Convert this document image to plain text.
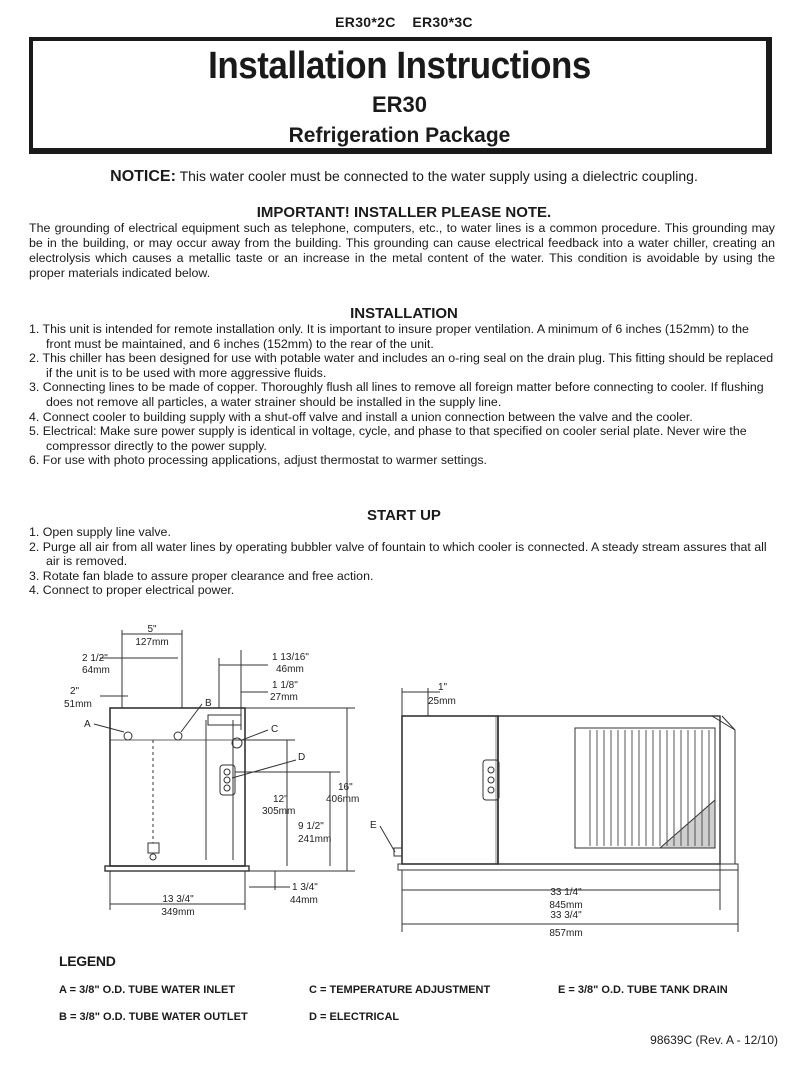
ER30*2C    ER30*3C
Installation Instructions
ER30
Refrigeration Package
NOTICE: This water cooler must be connected to the water supply using a dielectric coupling.
IMPORTANT! INSTALLER PLEASE NOTE.
The grounding of electrical equipment such as telephone, computers, etc., to water lines is a common procedure. This grounding may be in the building, or may occur away from the building. This grounding can cause electrical feedback into a water chiller, creating an electrolysis which causes a metallic taste or an increase in the metal content of the water. This condition is avoidable by using the proper materials indicated below.
INSTALLATION
1. This unit is intended for remote installation only. It is important to insure proper ventilation. A minimum of 6 inches (152mm) to the front must be maintained, and 6 inches (152mm) to the rear of the unit.
2. This chiller has been designed for use with potable water and includes an o-ring seal on the drain plug. This fitting should be replaced if the unit is to be used with more aggressive fluids.
3. Connecting lines to be made of copper. Thoroughly flush all lines to remove all foreign matter before connecting to cooler. If flushing does not remove all particles, a water strainer should be installed in the supply line.
4. Connect cooler to building supply with a shut-off valve and install a union connection between the valve and the cooler.
5. Electrical: Make sure power supply is identical in voltage, cycle, and phase to that specified on cooler serial plate. Never wire the compressor directly to the power supply.
6. For use with photo processing applications, adjust thermostat to warmer settings.
START UP
1. Open supply line valve.
2. Purge all air from all water lines by operating bubbler valve of fountain to which cooler is connected. A steady stream assures that all air is removed.
3. Rotate fan blade to assure proper clearance and free action.
4. Connect to proper electrical power.
5"
127mm
2 1/2"
64mm
2"
51mm
1 13/16"
46mm
1 1/8"
27mm
12"
305mm
9 1/2"
241mm
16"
406mm
13 3/4"
349mm
1 3/4"
44mm
A
B
C
D
1"
25mm
33 1/4"
845mm
33 3/4"
857mm
E
LEGEND
A = 3/8" O.D. TUBE WATER INLET
B = 3/8" O.D. TUBE WATER OUTLET
C = TEMPERATURE ADJUSTMENT
D = ELECTRICAL
E = 3/8" O.D. TUBE TANK DRAIN
98639C (Rev. A - 12/10)
